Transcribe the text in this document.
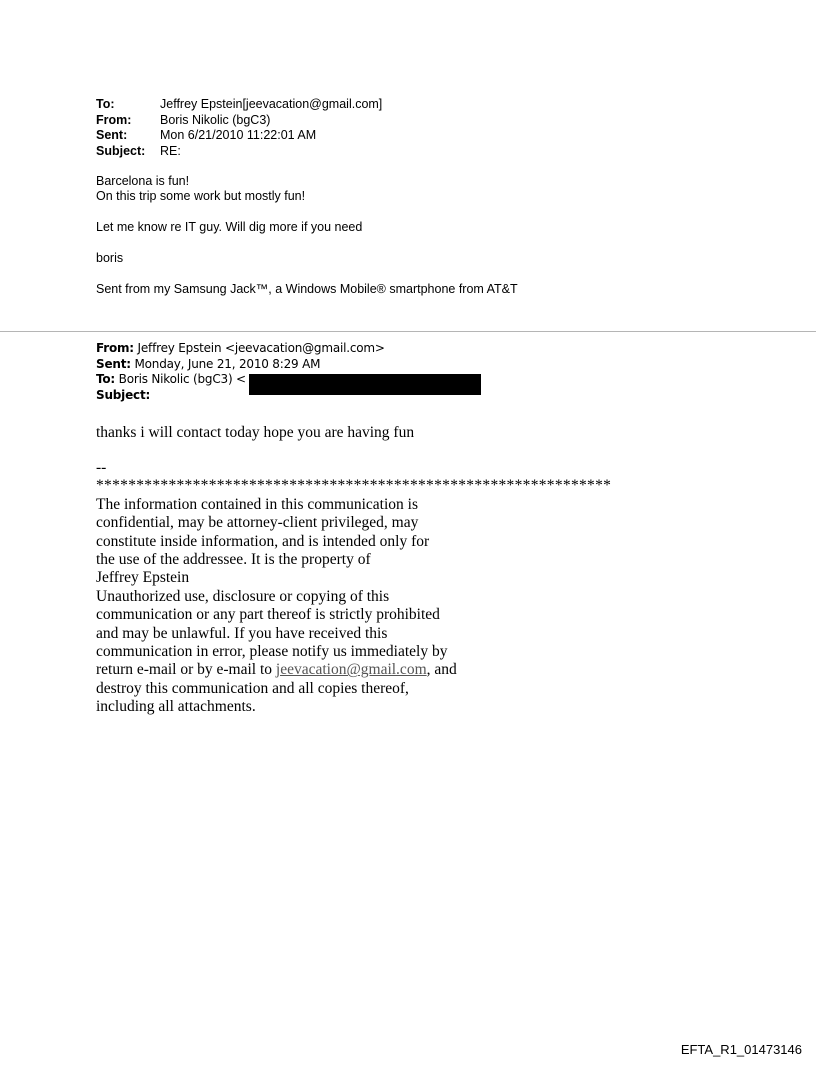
To:	Jeffrey Epstein[jeevacation@gmail.com]
From:	Boris Nikolic (bgC3)
Sent:	Mon 6/21/2010 11:22:01 AM
Subject:	RE:
Barcelona is fun!
On this trip some work but mostly fun!
Let me know re IT guy. Will dig more if you need
boris
Sent from my Samsung Jack™, a Windows Mobile® smartphone from AT&T
From: Jeffrey Epstein <jeevacation@gmail.com>
Sent: Monday, June 21, 2010 8:29 AM
To: Boris Nikolic (bgC3) <
Subject:
thanks i will contact today hope you are having fun
--
****************************************************************
The information contained in this communication is
confidential, may be attorney-client privileged, may
constitute inside information, and is intended only for
the use of the addressee. It is the property of
Jeffrey Epstein
Unauthorized use, disclosure or copying of this
communication or any part thereof is strictly prohibited
and may be unlawful. If you have received this
communication in error, please notify us immediately by
return e-mail or by e-mail to jeevacation@gmail.com, and
destroy this communication and all copies thereof,
including all attachments.
EFTA_R1_01473146
